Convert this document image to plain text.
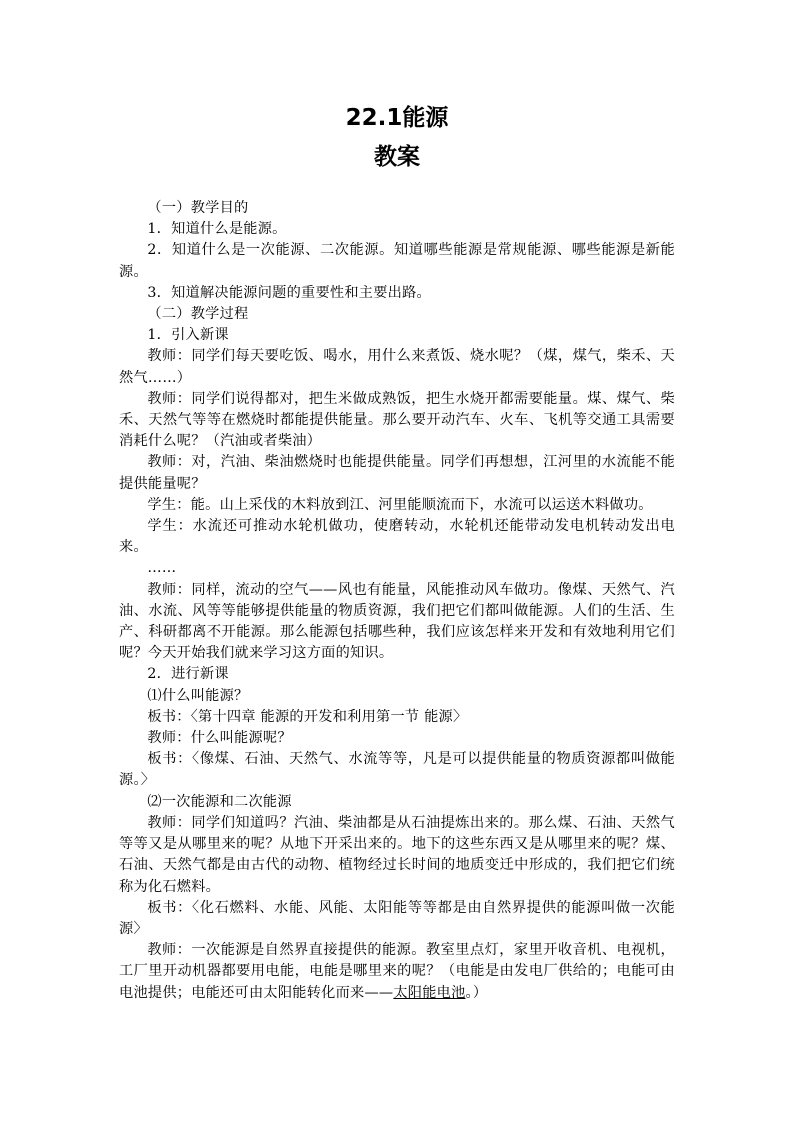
22.1能源
教案

（一）教学目的

1．知道什么是能源。

2．知道什么是一次能源、二次能源。知道哪些能源是常规能源、哪些能源是新能源。

3．知道解决能源问题的重要性和主要出路。

（二）教学过程

1．引入新课

教师：同学们每天要吃饭、喝水，用什么来煮饭、烧水呢？（煤，煤气，柴禾、天然气……）

教师：同学们说得都对，把生米做成熟饭，把生水烧开都需要能量。煤、煤气、柴禾、天然气等等在燃烧时都能提供能量。那么要开动汽车、火车、飞机等交通工具需要消耗什么呢？（汽油或者柴油）

教师：对，汽油、柴油燃烧时也能提供能量。同学们再想想，江河里的水流能不能提供能量呢？

学生：能。山上采伐的木料放到江、河里能顺流而下，水流可以运送木料做功。

学生：水流还可推动水轮机做功，使磨转动，水轮机还能带动发电机转动发出电来。

……

教师：同样，流动的空气——风也有能量，风能推动风车做功。像煤、天然气、汽油、水流、风等等能够提供能量的物质资源，我们把它们都叫做能源。人们的生活、生产、科研都离不开能源。那么能源包括哪些种，我们应该怎样来开发和有效地利用它们呢？今天开始我们就来学习这方面的知识。

2．进行新课

⑴什么叫能源？

板书：〈第十四章 能源的开发和利用第一节 能源〉

教师：什么叫能源呢？

板书：〈像煤、石油、天然气、水流等等，凡是可以提供能量的物质资源都叫做能源。〉

⑵一次能源和二次能源

教师：同学们知道吗？汽油、柴油都是从石油提炼出来的。那么煤、石油、天然气等等又是从哪里来的呢？从地下开采出来的。地下的这些东西又是从哪里来的呢？煤、石油、天然气都是由古代的动物、植物经过长时间的地质变迁中形成的，我们把它们统称为化石燃料。

板书：〈化石燃料、水能、风能、太阳能等等都是由自然界提供的能源叫做一次能源〉

教师：一次能源是自然界直接提供的能源。教室里点灯，家里开收音机、电视机，工厂里开动机器都要用电能，电能是哪里来的呢？（电能是由发电厂供给的；电能可由电池提供；电能还可由太阳能转化而来——太阳能电池。）
